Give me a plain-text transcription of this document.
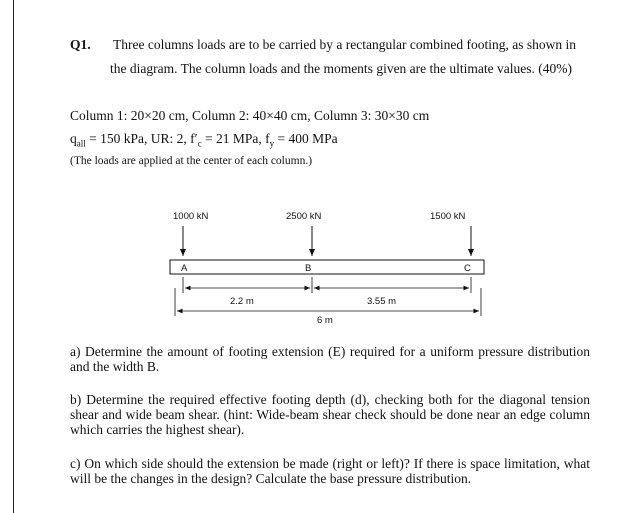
Q1. Three columns loads are to be carried by a rectangular combined footing, as shown in
the diagram. The column loads and the moments given are the ultimate values. (40%)
Column 1: 20×20 cm, Column 2: 40×40 cm, Column 3: 30×30 cm
$q_{all} = 150$ kPa, UR: 2, $f'_c = 21$ MPa, $f_y = 400$ MPa
(The loads are applied at the center of each column.)
1000 kN	2500 kN	1500 kN
A	B	C
2.2 m	3.55 m
6 m
a) Determine the amount of footing extension (E) required for a uniform pressure distribution and the width B.
b) Determine the required effective footing depth (d), checking both for the diagonal tension shear and wide beam shear. (hint: Wide-beam shear check should be done near an edge column which carries the highest shear).
c) On which side should the extension be made (right or left)? If there is space limitation, what will be the changes in the design? Calculate the base pressure distribution.
